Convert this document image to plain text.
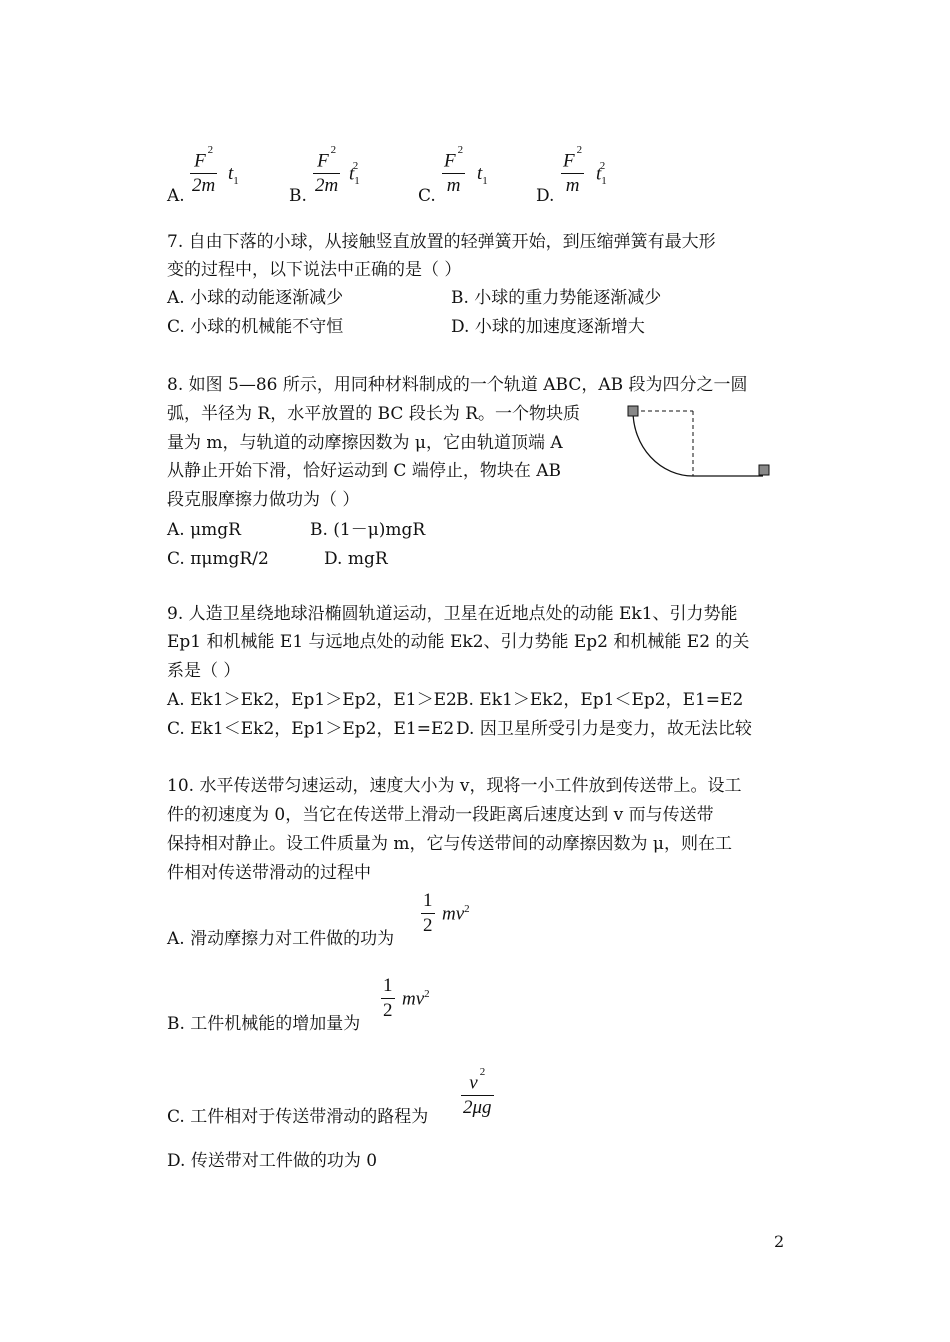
A.
$F^2$
2m
$t_1$
B.
$F^2$
2m
$t_1^2$
C.
$F^2$
m
$t_1$
D.
$F^2$
m
$t_1^2$
7. 自由下落的小球，从接触竖直放置的轻弹簧开始，到压缩弹簧有最大形
变的过程中，以下说法中正确的是（ ）
A. 小球的动能逐渐减少	B. 小球的重力势能逐渐减少
C. 小球的机械能不守恒	D. 小球的加速度逐渐增大
8. 如图 5—86 所示，用同种材料制成的一个轨道 ABC，AB 段为四分之一圆
弧，半径为 R，水平放置的 BC 段长为 R。一个物块质
量为 m，与轨道的动摩擦因数为 μ，它由轨道顶端 A
从静止开始下滑，恰好运动到 C 端停止，物块在 AB
段克服摩擦力做功为（ ）
A. μmgR	B. (1－μ)mgR
C. πμmgR/2	D. mgR
9. 人造卫星绕地球沿椭圆轨道运动，卫星在近地点处的动能 Ek1、引力势能
Ep1 和机械能 E1 与远地点处的动能 Ek2、引力势能 Ep2 和机械能 E2 的关
系是（ ）
A. Ek1＞Ek2，Ep1＞Ep2，E1＞E2 B. Ek1＞Ek2，Ep1＜Ep2，E1=E2
C. Ek1＜Ek2，Ep1＞Ep2，E1=E2 D. 因卫星所受引力是变力，故无法比较
10. 水平传送带匀速运动，速度大小为 v，现将一小工件放到传送带上。设工
件的初速度为 0，当它在传送带上滑动一段距离后速度达到 v 而与传送带
保持相对静止。设工件质量为 m，它与传送带间的动摩擦因数为 μ，则在工
件相对传送带滑动的过程中
A. 滑动摩擦力对工件做的功为
1
2
$mv^2$
B. 工件机械能的增加量为
1
2
$mv^2$
C. 工件相对于传送带滑动的路程为
$v^2$
2μg
D. 传送带对工件做的功为 0
2
